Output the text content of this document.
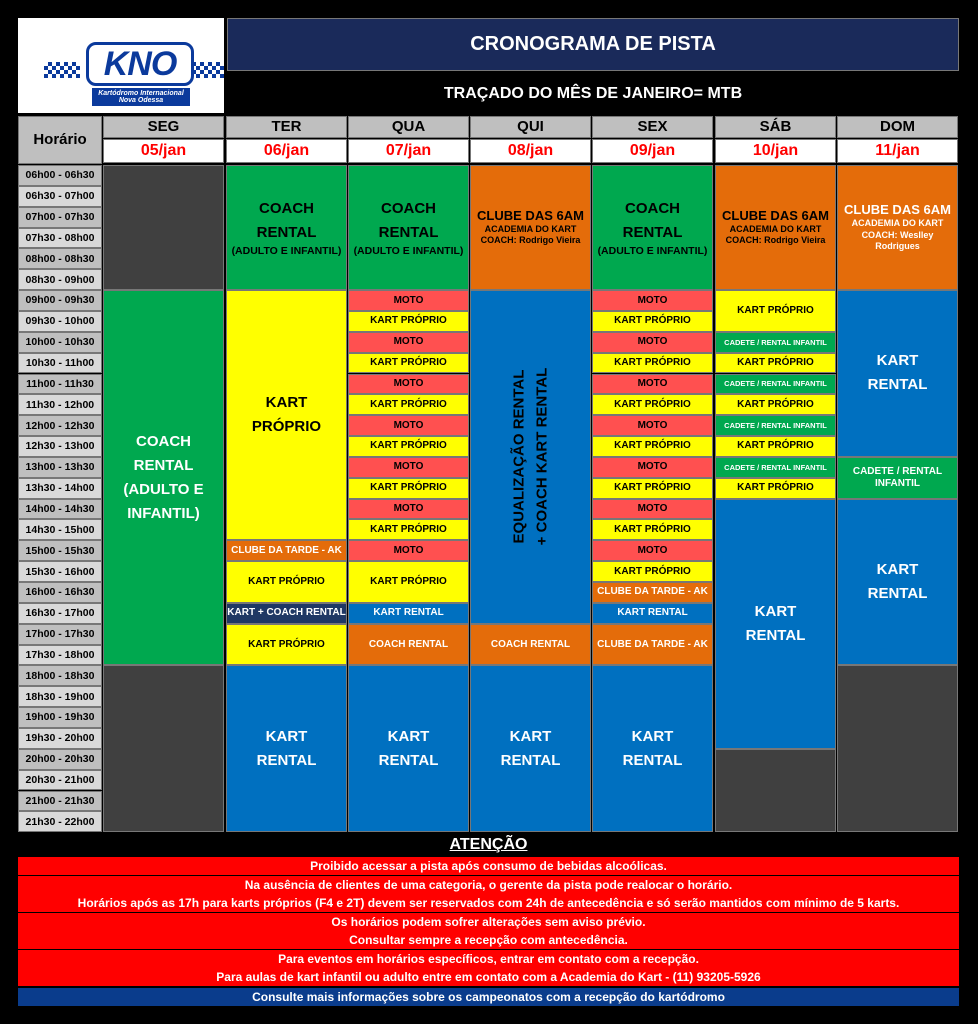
KNO
Kartódromo Internacional
Nova Odessa
CRONOGRAMA DE PISTA
TRAÇADO DO MÊS DE JANEIRO= MTB
Horário
SEG
05/jan
TER
06/jan
QUA
07/jan
QUI
08/jan
SEX
09/jan
SÁB
10/jan
DOM
11/jan
06h00 - 06h30
06h30 - 07h00
07h00 - 07h30
07h30 - 08h00
08h00 - 08h30
08h30 - 09h00
09h00 - 09h30
09h30 - 10h00
10h00 - 10h30
10h30 - 11h00
11h00 - 11h30
11h30 - 12h00
12h00 - 12h30
12h30 - 13h00
13h00 - 13h30
13h30 - 14h00
14h00 - 14h30
14h30 - 15h00
15h00 - 15h30
15h30 - 16h00
16h00 - 16h30
16h30 - 17h00
17h00 - 17h30
17h30 - 18h00
18h00 - 18h30
18h30 - 19h00
19h00 - 19h30
19h30 - 20h00
20h00 - 20h30
20h30 - 21h00
21h00 - 21h30
21h30 - 22h00
COACH
RENTAL
(ADULTO E
INFANTIL)
COACH
RENTAL
(ADULTO E INFANTIL)
KART
PRÓPRIO
CLUBE DA TARDE - AK
KART PRÓPRIO
KART + COACH RENTAL
KART PRÓPRIO
KART
RENTAL
COACH
RENTAL
(ADULTO E INFANTIL)
MOTO
KART PRÓPRIO
MOTO
KART PRÓPRIO
MOTO
KART PRÓPRIO
MOTO
KART PRÓPRIO
MOTO
KART PRÓPRIO
MOTO
KART PRÓPRIO
MOTO
KART PRÓPRIO
KART RENTAL
COACH RENTAL
KART
RENTAL
CLUBE DAS 6AM
ACADEMIA DO KART
COACH: Rodrigo Vieira
EQUALIZAÇÃO RENTAL + COACH KART RENTAL
COACH RENTAL
KART
RENTAL
COACH
RENTAL
(ADULTO E INFANTIL)
MOTO
KART PRÓPRIO
MOTO
KART PRÓPRIO
MOTO
KART PRÓPRIO
MOTO
KART PRÓPRIO
MOTO
KART PRÓPRIO
MOTO
KART PRÓPRIO
MOTO
KART PRÓPRIO
CLUBE DA TARDE - AK
KART RENTAL
CLUBE DA TARDE - AK
KART
RENTAL
CLUBE DAS 6AM
ACADEMIA DO KART
COACH: Rodrigo Vieira
KART PRÓPRIO
CADETE / RENTAL INFANTIL
KART PRÓPRIO
CADETE / RENTAL INFANTIL
KART PRÓPRIO
CADETE / RENTAL INFANTIL
KART PRÓPRIO
CADETE / RENTAL INFANTIL
KART PRÓPRIO
KART
RENTAL
CLUBE DAS 6AM
ACADEMIA DO KART
COACH: Weslley
Rodrigues
KART
RENTAL
CADETE / RENTAL
INFANTIL
KART
RENTAL
ATENÇÃO
Proibido acessar a pista após consumo de bebidas alcoólicas.
Na ausência de clientes de uma categoria, o gerente da pista pode realocar o horário.
Horários após as 17h para karts próprios (F4 e 2T) devem ser reservados com 24h de antecedência e só serão mantidos com mínimo de 5 karts.
Os horários podem sofrer alterações sem aviso prévio.
Consultar sempre a recepção com antecedência.
Para eventos em horários específicos, entrar em contato com a recepção.
Para aulas de kart infantil ou adulto entre em contato com a Academia do Kart - (11) 93205-5926
Consulte mais informações sobre os campeonatos com a recepção do kartódromo
